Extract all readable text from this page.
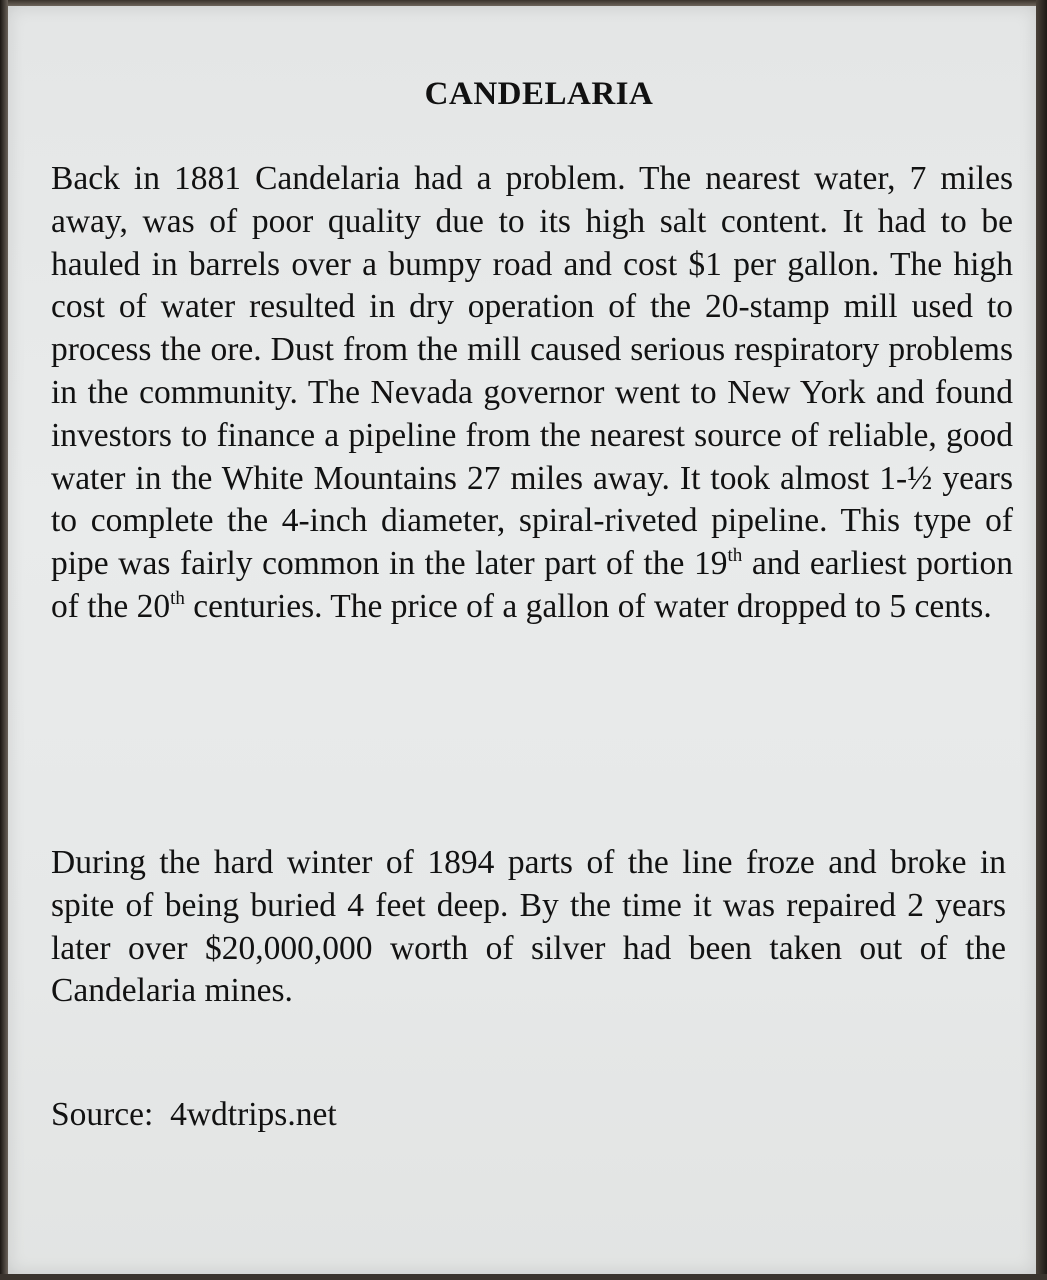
CANDELARIA

Back in 1881 Candelaria had a problem. The nearest water, 7 miles away, was of poor quality due to its high salt content. It had to be hauled in barrels over a bumpy road and cost $1 per gallon. The high cost of water resulted in dry operation of the 20-stamp mill used to process the ore. Dust from the mill caused serious respiratory problems in the community. The Nevada governor went to New York and found investors to finance a pipeline from the nearest source of reliable, good water in the White Mountains 27 miles away. It took almost 1-½ years to complete the 4-inch diameter, spiral-riveted pipeline. This type of pipe was fairly common in the later part of the 19th and earliest portion of the 20th centuries. The price of a gallon of water dropped to 5 cents.

During the hard winter of 1894 parts of the line froze and broke in spite of being buried 4 feet deep. By the time it was repaired 2 years later over $20,000,000 worth of silver had been taken out of the Candelaria mines.

Source: 4wdtrips.net
